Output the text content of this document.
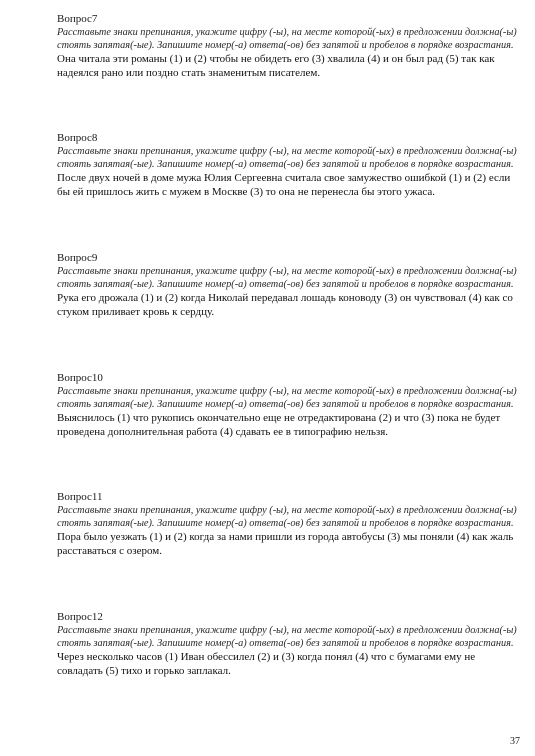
Вопрос7

Расставьте знаки препинания, укажите цифру (-ы), на месте которой(-ых) в предложении должна(-ы) стоять запятая(-ые). Запишите номер(-а) ответа(-ов) без запятой и пробелов в порядке возрастания.

Она читала эти романы (1) и (2) чтобы не обидеть его (3) хвалила (4) и он был рад (5) так как надеялся рано или поздно стать знаменитым писателем.

Вопрос8

Расставьте знаки препинания, укажите цифру (-ы), на месте которой(-ых) в предложении должна(-ы) стоять запятая(-ые). Запишите номер(-а) ответа(-ов) без запятой и пробелов в порядке возрастания.

После двух ночей в доме мужа Юлия Сергеевна считала свое замужество ошибкой (1) и (2) если бы ей пришлось жить с мужем в Москве (3) то она не перенесла бы этого ужаса.

Вопрос9

Расставьте знаки препинания, укажите цифру (-ы), на месте которой(-ых) в предложении должна(-ы) стоять запятая(-ые). Запишите номер(-а) ответа(-ов) без запятой и пробелов в порядке возрастания.

Рука его дрожала (1) и (2) когда Николай передавал лошадь коноводу (3) он чувствовал (4) как со стуком приливает кровь к сердцу.

Вопрос10

Расставьте знаки препинания, укажите цифру (-ы), на месте которой(-ых) в предложении должна(-ы) стоять запятая(-ые). Запишите номер(-а) ответа(-ов) без запятой и пробелов в порядке возрастания.

Выяснилось (1) что рукопись окончательно еще не отредактирована (2) и что (3) пока не будет проведена дополнительная работа (4) сдавать ее в типографию нельзя.

Вопрос11

Расставьте знаки препинания, укажите цифру (-ы), на месте которой(-ых) в предложении должна(-ы) стоять запятая(-ые). Запишите номер(-а) ответа(-ов) без запятой и пробелов в порядке возрастания.

Пора было уезжать (1) и (2) когда за нами пришли из города автобусы (3) мы поняли (4) как жаль расставаться с озером.

Вопрос12

Расставьте знаки препинания, укажите цифру (-ы), на месте которой(-ых) в предложении должна(-ы) стоять запятая(-ые). Запишите номер(-а) ответа(-ов) без запятой и пробелов в порядке возрастания.

Через несколько часов (1) Иван обессилел (2) и (3) когда понял (4) что с бумагами ему не совладать (5) тихо и горько заплакал.

37
